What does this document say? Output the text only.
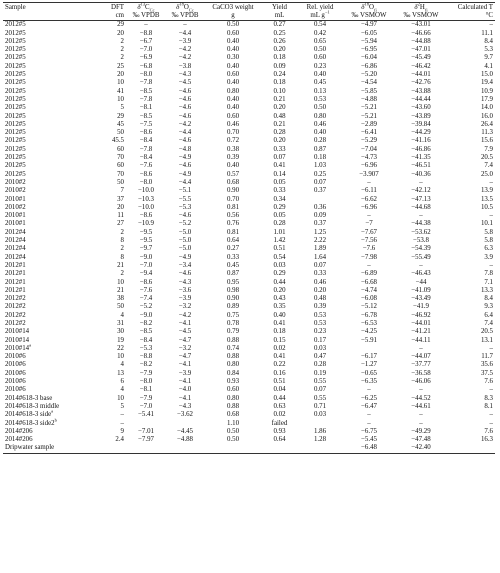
Sample	DFT	$\delta^{13}C_{Cc}$	$\delta^{18}O_{Cc}$	CaCO3 weight	Yield	Rel. yield	$\delta^{18}O_{fi}$	$\delta^2H_{fi}$	Calculated T
	cm	‰ VPDB	‰ VPDB	g	mL	mL $g^{-1}$	‰ VSMOW	‰ VSMOW	°C
2012#5	29	–	–	0.50	0.27	0.54	−4.97	−43.01	–
2012#5	20	−8.8	−4.4	0.60	0.25	0.42	−6.05	−46.66	11.1
2012#5	2	−6.7	−3.9	0.40	0.26	0.65	−5.94	−44.88	8.4
2012#5	2	−7.0	−4.2	0.40	0.20	0.50	−6.95	−47.01	5.3
2012#5	2	−6.9	−4.2	0.30	0.18	0.60	−6.04	−45.49	9.7
2012#5	25	−6.8	−3.8	0.40	0.09	0.23	−6.86	−46.42	4.1
2012#5	20	−8.0	−4.3	0.60	0.24	0.40	−5.20	−44.01	15.0
2012#5	10	−7.8	−4.5	0.40	0.18	0.45	−4.54	−42.76	19.4
2012#5	41	−8.5	−4.6	0.80	0.10	0.13	−5.85	−43.88	10.9
2012#5	10	−7.8	−4.6	0.40	0.21	0.53	−4.88	−44.44	17.9
2012#5	5	−8.1	−4.6	0.40	0.20	0.50	−5.21	−43.60	14.0
2012#5	29	−8.5	−4.6	0.60	0.48	0.80	−5.21	−43.89	16.0
2012#5	45	−7.5	−4.2	0.46	0.21	0.46	−2.89	−39.84	26.4
2012#5	50	−8.6	−4.4	0.70	0.28	0.40	−6.41	−44.29	11.3
2012#5	45.5	−8.4	−4.6	0.72	0.20	0.28	−5.29	−41.16	15.6
2012#5	60	−7.8	−4.8	0.38	0.33	0.87	−7.04	−46.86	7.9
2012#5	70	−8.4	−4.9	0.39	0.07	0.18	−4.73	−41.35	20.5
2012#5	60	−7.6	−4.6	0.40	0.41	1.03	−6.96	−46.51	7.4
2012#5	70	−8.6	−4.9	0.57	0.14	0.25	−3.907	−40.36	25.0
2010#2	50	−8.0	−4.4	0.68	0.05	0.07	–	–	–
2010#2	7	−10.0	−5.1	0.90	0.33	0.37	−6.11	−42.12	13.9
2010#1	37	−10.3	−5.5	0.70	0.34		−6.62	−47.13	13.5
2010#2	20	−10.0	−5.3	0.81	0.29	0.36	−6.96	−44.68	10.5
2010#1	11	−8.6	−4.6	0.56	0.05	0.09	–	–	–
2010#1	27	−10.9	−5.2	0.76	0.28	0.37	−7	−44.38	10.1
2012#4	2	−9.5	−5.0	0.81	1.01	1.25	−7.67	−53.62	5.8
2012#4	8	−9.5	−5.0	0.64	1.42	2.22	−7.56	−53.8	5.8
2012#4	2	−9.7	−5.0	0.27	0.51	1.89	−7.6	−54.39	6.3
2012#4	8	−9.0	−4.9	0.33	0.54	1.64	−7.98	−55.49	3.9
2012#1	21	−7.0	−3.4	0.45	0.03	0.07	–	–	–
2012#1	2	−9.4	−4.6	0.87	0.29	0.33	−6.89	−46.43	7.8
2012#1	10	−8.6	−4.3	0.95	0.44	0.46	−6.68	−44	7.1
2012#1	21	−7.6	−3.6	0.98	0.20	0.20	−4.74	−41.09	13.3
2012#2	38	−7.4	−3.9	0.90	0.43	0.48	−6.08	−43.49	8.4
2012#2	50	−5.2	−3.2	0.89	0.35	0.39	−5.12	−41.9	9.3
2012#2	4	−9.0	−4.2	0.75	0.40	0.53	−6.78	−46.92	6.4
2012#2	31	−8.2	−4.1	0.78	0.41	0.53	−6.53	−44.01	7.4
2010#14	30	−8.5	−4.5	0.79	0.18	0.23	−4.25	−41.21	20.5
2010#14	19	−8.4	−4.7	0.88	0.15	0.17	−5.91	−44.11	13.1
2010#14$^a$	22	−5.3	−3.2	0.74	0.02	0.03		–	–
2010#6	10	−8.8	−4.7	0.88	0.41	0.47	−6.17	−44.07	11.7
2010#6	4	−8.2	−4.1	0.80	0.22	0.28	−1.27	−37.77	35.6
2010#6	13	−7.9	−3.9	0.84	0.16	0.19	−0.65	−36.58	37.5
2010#6	6	−8.0	−4.1	0.93	0.51	0.55	−6.35	−46.06	7.6
2010#6	4	−8.1	−4.0	0.60	0.04	0.07	–	–	–
2014#618-3 base	10	−7.9	−4.1	0.80	0.44	0.55	−6.25	−44.52	8.3
2014#618-3 middle	5	−7.0	−4.3	0.88	0.63	0.71	−6.47	−44.61	8.1
2014#618-3 side$^a$	–	−5.41	−3.62	0.68	0.02	0.03	–	–	–
2014#618-3 side2$^b$	–			1.10	failed		–	–	–
2014#206	9	−7.01	−4.45	0.50	0.93	1.86	−6.75	−49.29	7.6
2014#206	2.4	−7.97	−4.88	0.50	0.64	1.28	−5.45	−47.48	16.3
Dripwater sample							−6.48	−42.40	
